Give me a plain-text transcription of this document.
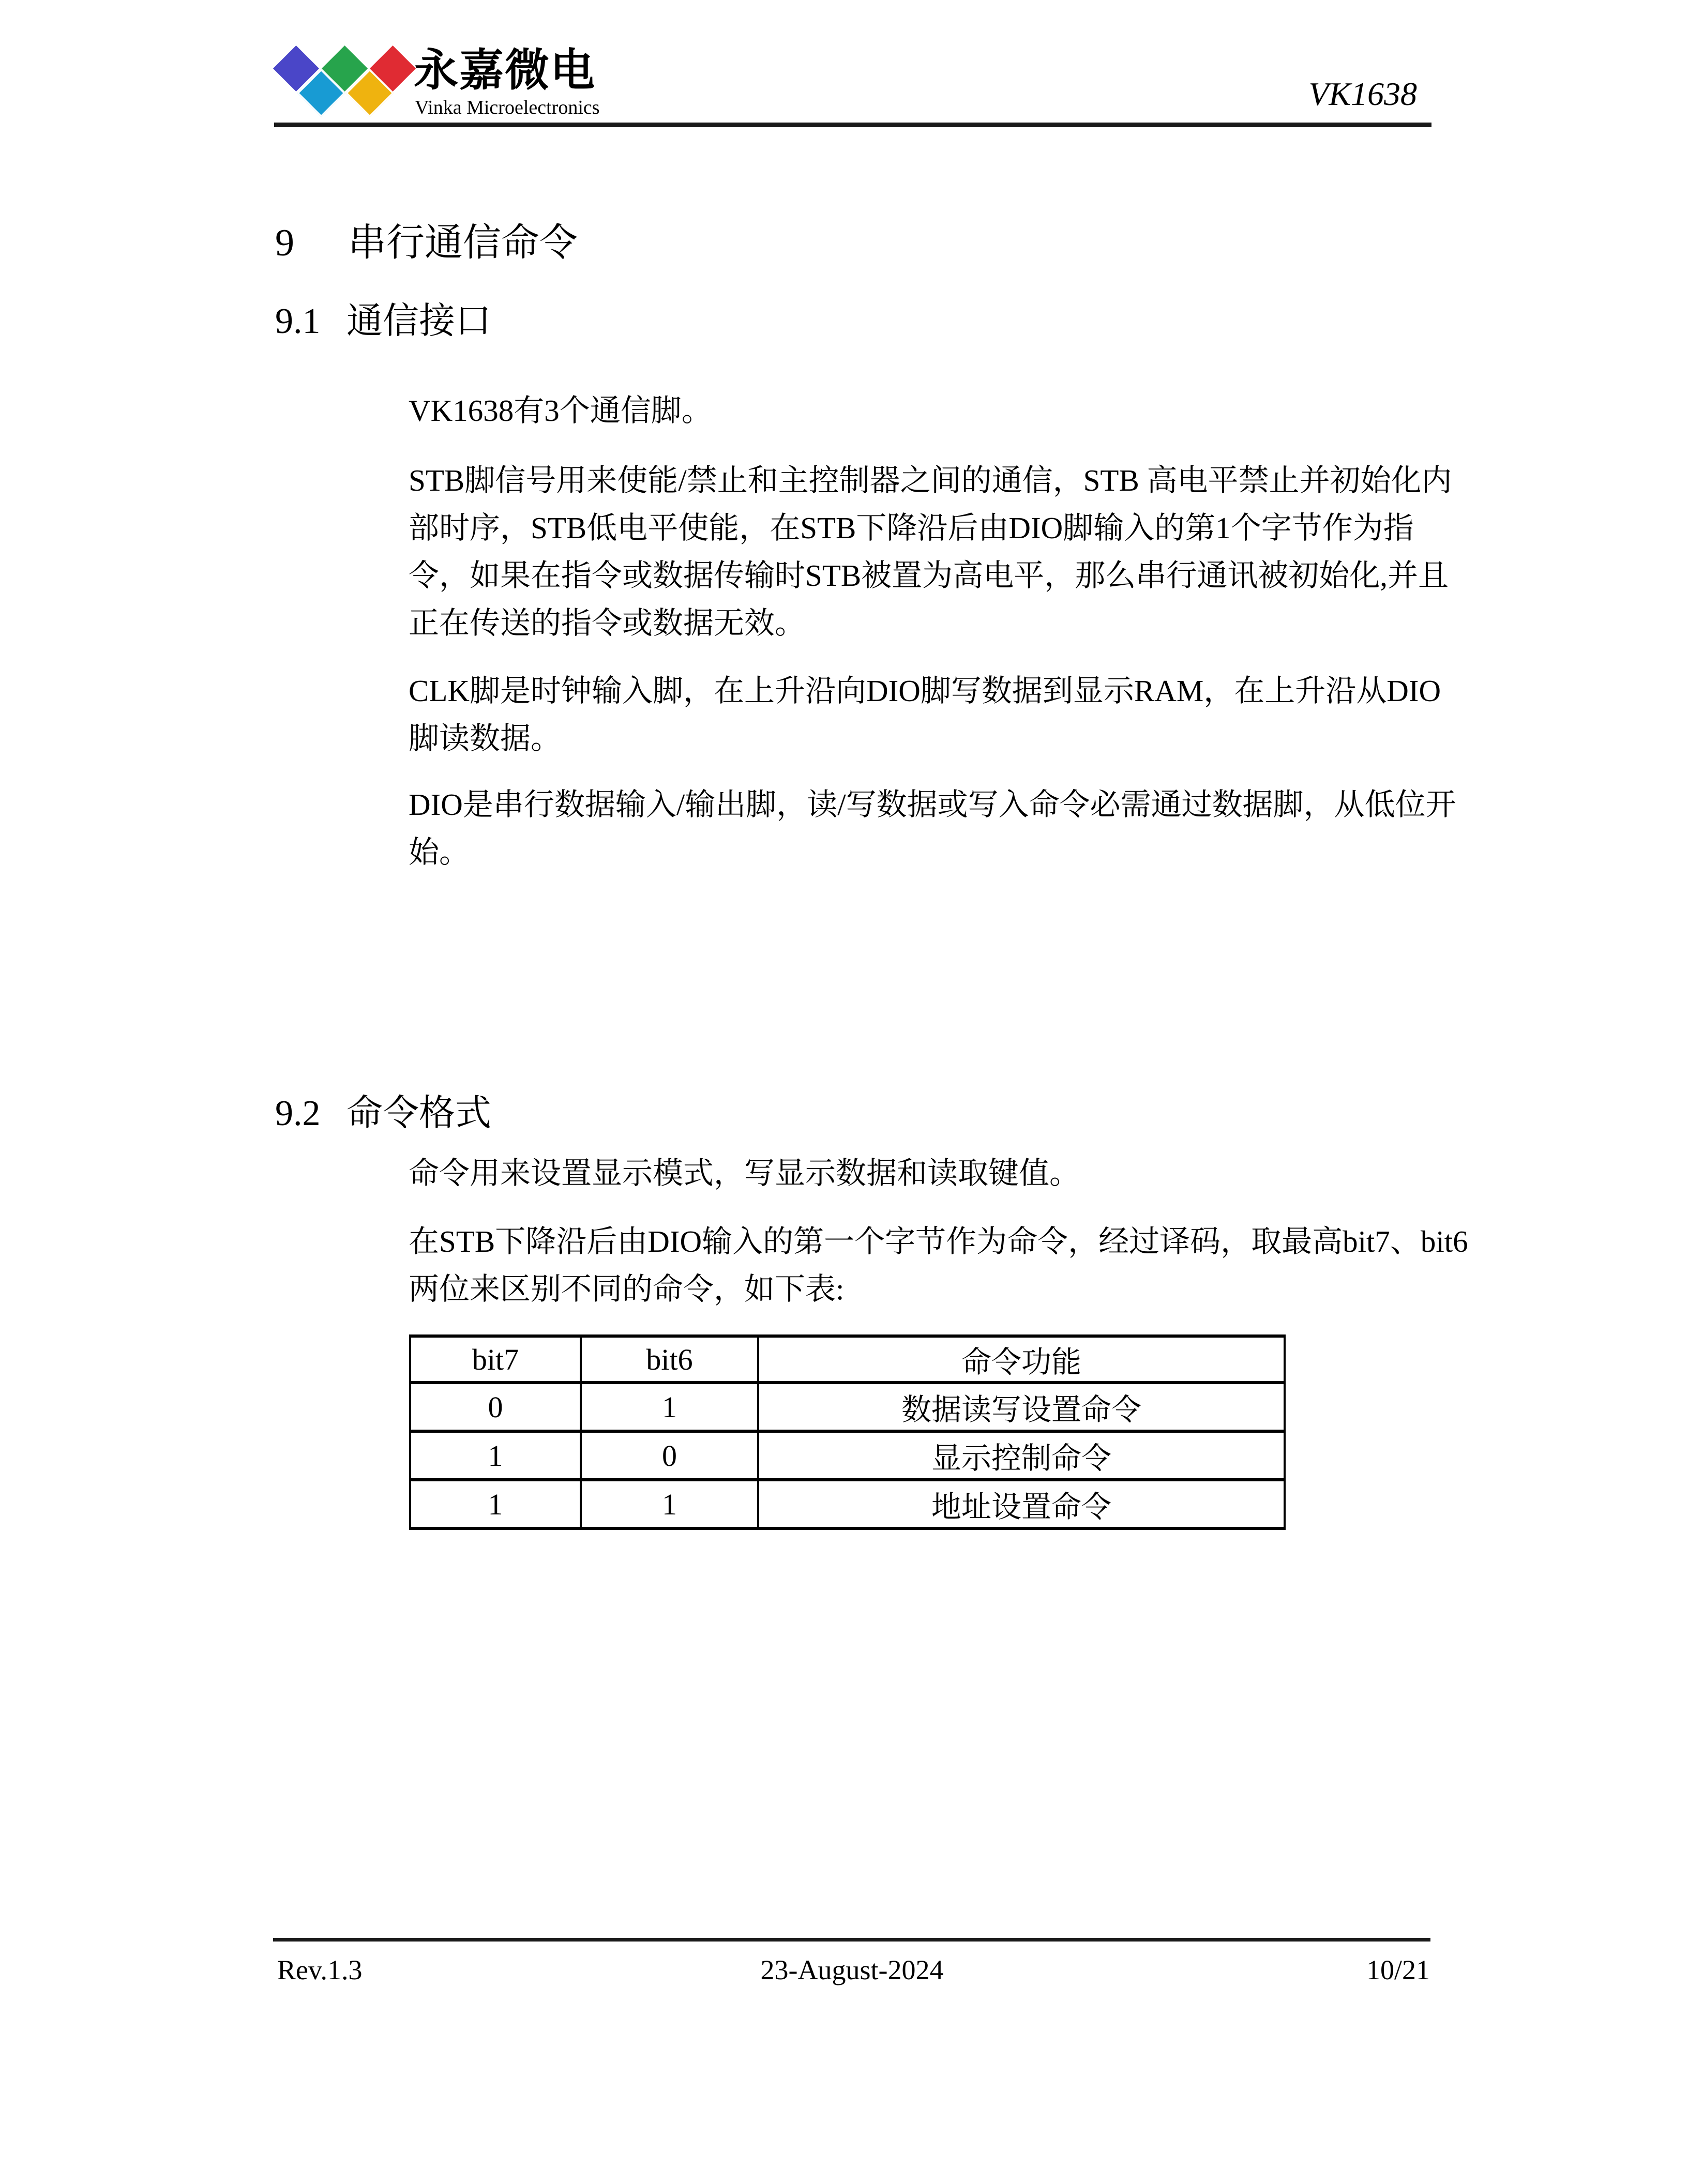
永嘉微电
Vinka Microelectronics	VK1638
9 串行通信命令
9.1 通信接口
VK1638有3个通信脚。
STB脚信号用来使能/禁止和主控制器之间的通信，STB 高电平禁止并初始化内
部时序，STB低电平使能，在STB下降沿后由DIO脚输入的第1个字节作为指
令，如果在指令或数据传输时STB被置为高电平，那么串行通讯被初始化,并且
正在传送的指令或数据无效。
CLK脚是时钟输入脚，在上升沿向DIO脚写数据到显示RAM，在上升沿从DIO
脚读数据。
DIO是串行数据输入/输出脚，读/写数据或写入命令必需通过数据脚，从低位开
始。
9.2 命令格式
命令用来设置显示模式，写显示数据和读取键值。
在STB下降沿后由DIO输入的第一个字节作为命令，经过译码，取最高bit7、bit6
两位来区别不同的命令，如下表:
bit7	bit6	命令功能
0	1	数据读写设置命令
1	0	显示控制命令
1	1	地址设置命令
Rev.1.3	23-August-2024	10/21
